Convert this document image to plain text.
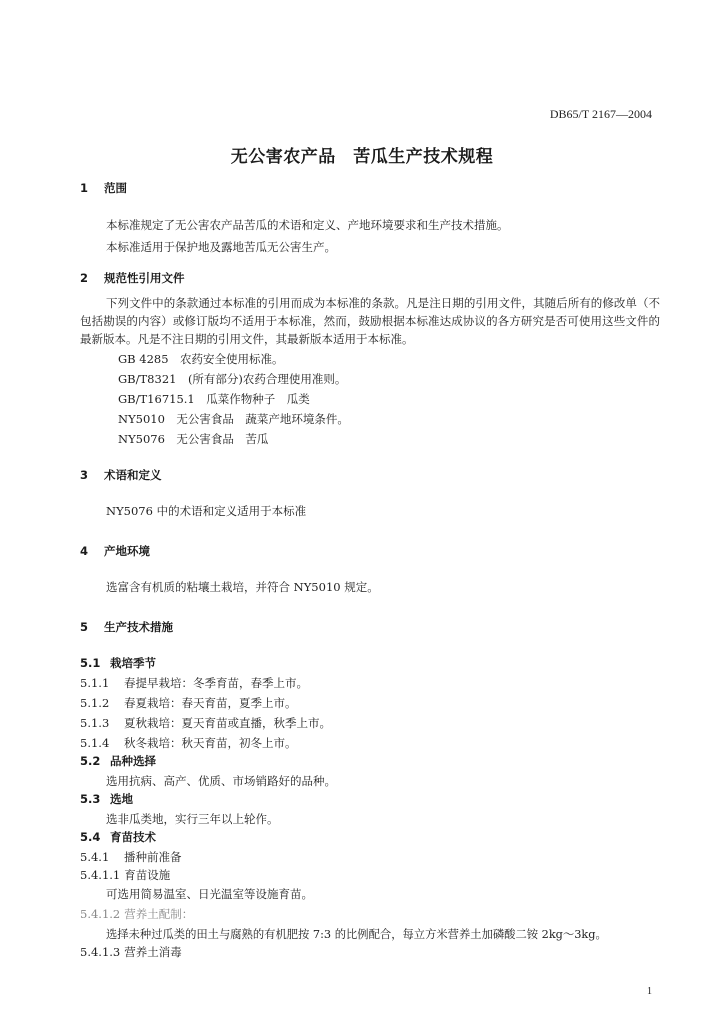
DB65/T 2167—2004
无公害农产品　苦瓜生产技术规程
1 范围
本标准规定了无公害农产品苦瓜的术语和定义、产地环境要求和生产技术措施。
本标准适用于保护地及露地苦瓜无公害生产。
2 规范性引用文件
下列文件中的条款通过本标准的引用而成为本标准的条款。凡是注日期的引用文件，其随后所有的修改单（不包括勘误的内容）或修订版均不适用于本标准，然而，鼓励根据本标准达成协议的各方研究是否可使用这些文件的最新版本。凡是不注日期的引用文件，其最新版本适用于本标准。
GB 4285　农药安全使用标准。
GB/T8321　(所有部分)农药合理使用准则。
GB/T16715.1　瓜菜作物种子　瓜类
NY5010　无公害食品　蔬菜产地环境条件。
NY5076　无公害食品　苦瓜
3 术语和定义
NY5076 中的术语和定义适用于本标准
4 产地环境
选富含有机质的粘壤土栽培，并符合 NY5010 规定。
5 生产技术措施
5.1 栽培季节
5.1.1 春提早栽培：冬季育苗，春季上市。
5.1.2 春夏栽培：春天育苗，夏季上市。
5.1.3 夏秋栽培：夏天育苗或直播，秋季上市。
5.1.4 秋冬栽培：秋天育苗，初冬上市。
5.2 品种选择
选用抗病、高产、优质、市场销路好的品种。
5.3 选地
选非瓜类地，实行三年以上轮作。
5.4 育苗技术
5.4.1 播种前准备
5.4.1.1 育苗设施
可选用简易温室、日光温室等设施育苗。
5.4.1.2 营养土配制：
选择未种过瓜类的田土与腐熟的有机肥按 7:3 的比例配合，每立方米营养土加磷酸二铵 2kg～3kg。
5.4.1.3 营养土消毒
1
